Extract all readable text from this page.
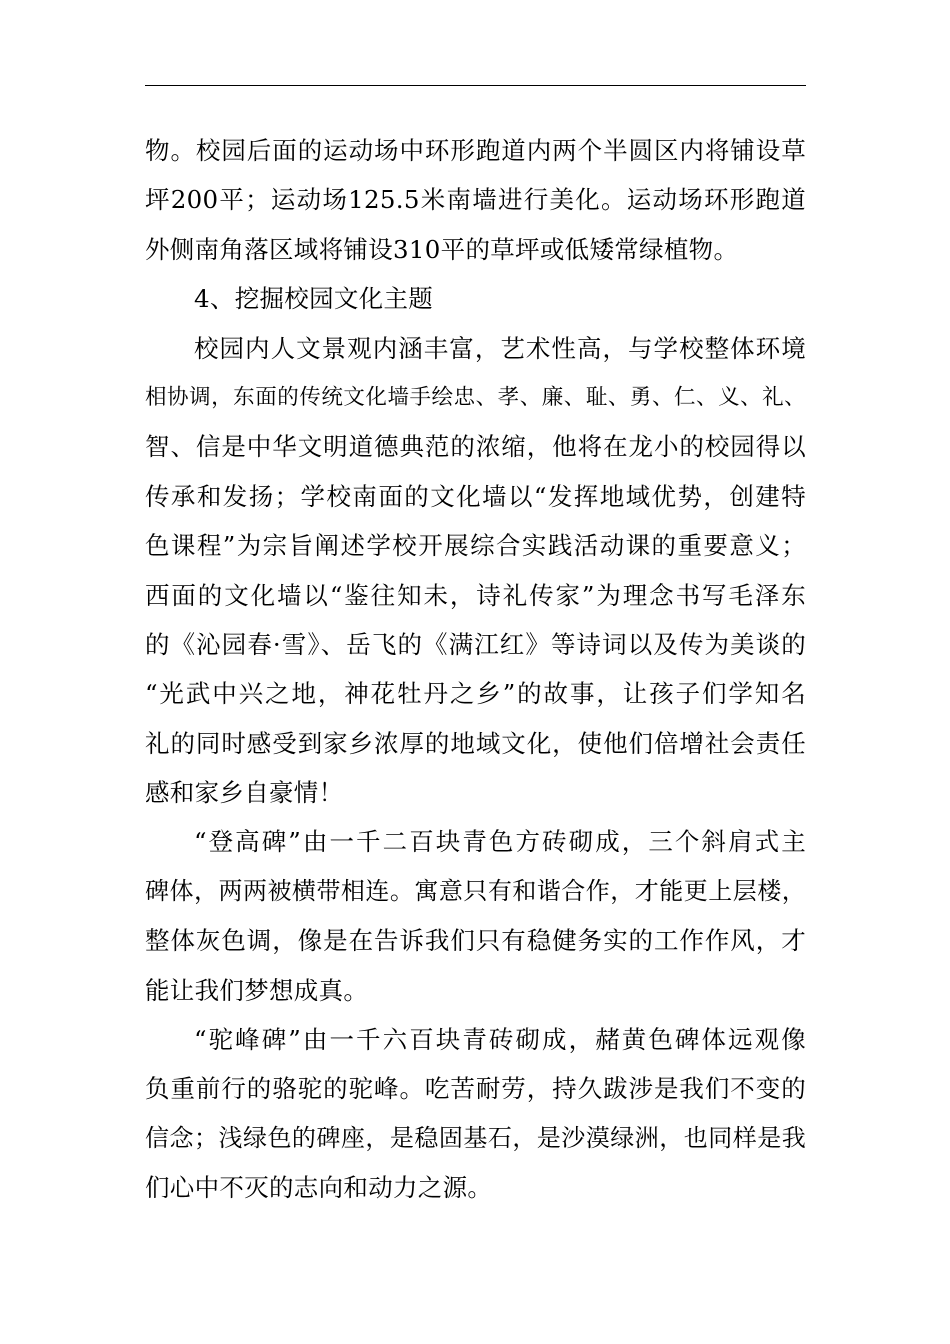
物。校园后面的运动场中环形跑道内两个半圆区内将铺设草
坪200平；运动场125.5米南墙进行美化。运动场环形跑道
外侧南角落区域将铺设310平的草坪或低矮常绿植物。
4、挖掘校园文化主题
校园内人文景观内涵丰富，艺术性高，与学校整体环境
相协调，东面的传统文化墙手绘忠、孝、廉、耻、勇、仁、义、礼、
智、信是中华文明道德典范的浓缩，他将在龙小的校园得以
传承和发扬；学校南面的文化墙以“发挥地域优势，创建特
色课程”为宗旨阐述学校开展综合实践活动课的重要意义；
西面的文化墙以“鉴往知未，诗礼传家”为理念书写毛泽东
的《沁园春·雪》、岳飞的《满江红》等诗词以及传为美谈的
“光武中兴之地，神花牡丹之乡”的故事，让孩子们学知名
礼的同时感受到家乡浓厚的地域文化，使他们倍增社会责任
感和家乡自豪情！
“登高碑”由一千二百块青色方砖砌成，三个斜肩式主
碑体，两两被横带相连。寓意只有和谐合作，才能更上层楼，
整体灰色调，像是在告诉我们只有稳健务实的工作作风，才
能让我们梦想成真。
“驼峰碑”由一千六百块青砖砌成，赭黄色碑体远观像
负重前行的骆驼的驼峰。吃苦耐劳，持久跋涉是我们不变的
信念；浅绿色的碑座，是稳固基石，是沙漠绿洲，也同样是我
们心中不灭的志向和动力之源。
